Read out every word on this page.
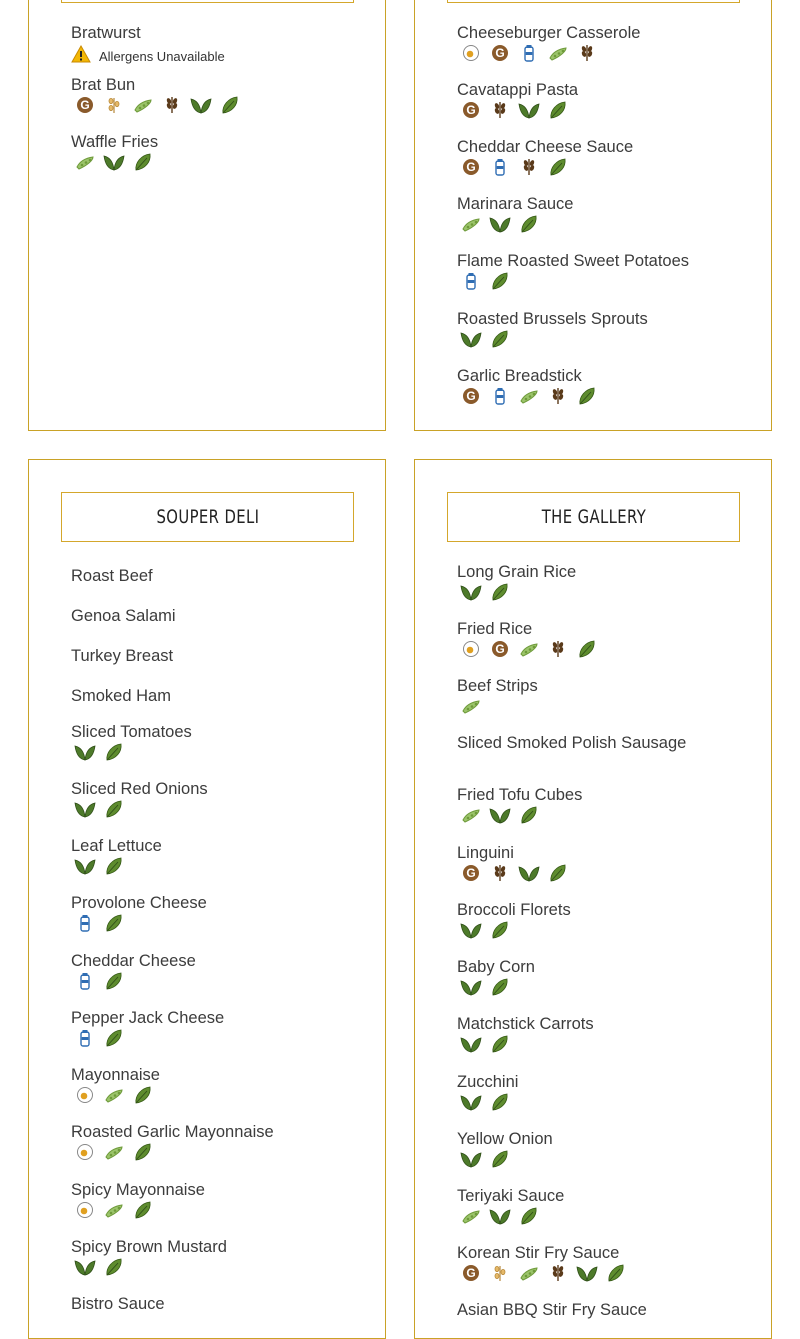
Bratwurst
Allergens Unavailable
Brat Bun
G
Waffle Fries
Cheeseburger Casserole
G
Cavatappi Pasta
G
Cheddar Cheese Sauce
G
Marinara Sauce
Flame Roasted Sweet Potatoes
Roasted Brussels Sprouts
Garlic Breadstick
G
SOUPER DELI
Roast Beef
Genoa Salami
Turkey Breast
Smoked Ham
Sliced Tomatoes
Sliced Red Onions
Leaf Lettuce
Provolone Cheese
Cheddar Cheese
Pepper Jack Cheese
Mayonnaise
Roasted Garlic Mayonnaise
Spicy Mayonnaise
Spicy Brown Mustard
Bistro Sauce
THE GALLERY
Long Grain Rice
Fried Rice
G
Beef Strips
Sliced Smoked Polish Sausage
Fried Tofu Cubes
Linguini
G
Broccoli Florets
Baby Corn
Matchstick Carrots
Zucchini
Yellow Onion
Teriyaki Sauce
Korean Stir Fry Sauce
G
Asian BBQ Stir Fry Sauce
